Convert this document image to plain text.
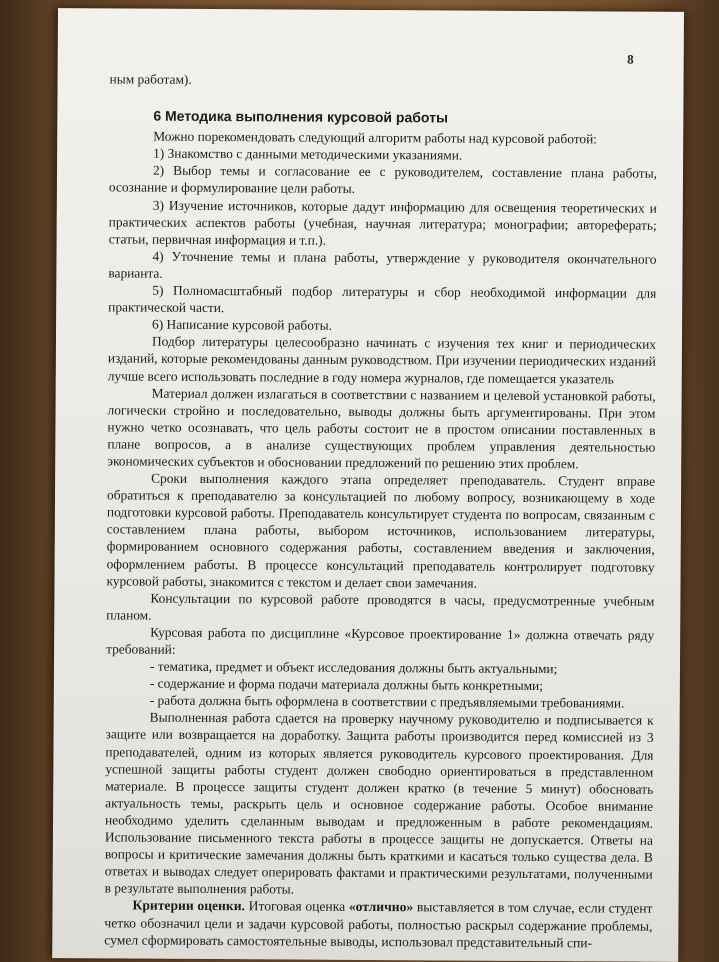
8

ным работам).

6 Методика выполнения курсовой работы

Можно порекомендовать следующий алгоритм работы над курсовой работой:

1) Знакомство с данными методическими указаниями.

2) Выбор темы и согласование ее с руководителем, составление плана работы, осознание и формулирование цели работы.

3) Изучение источников, которые дадут информацию для освещения теоретических и практических аспектов работы (учебная, научная литература; монографии; автореферать; статьи, первичная информация и т.п.).

4) Уточнение темы и плана работы, утверждение у руководителя окончательного варианта.

5) Полномасштабный подбор литературы и сбор необходимой информации для практической части.

6) Написание курсовой работы.

Подбор литературы целесообразно начинать с изучения тех книг и периодических изданий, которые рекомендованы данным руководством. При изучении периодических изданий лучше всего использовать последние в году номера журналов, где помещается указатель

Материал должен излагаться в соответствии с названием и целевой установкой работы, логически стройно и последовательно, выводы должны быть аргументированы. При этом нужно четко осознавать, что цель работы состоит не в простом описании поставленных в плане вопросов, а в анализе существующих проблем управления деятельностью экономических субъектов и обосновании предложений по решению этих проблем.

Сроки выполнения каждого этапа определяет преподаватель. Студент вправе обратиться к преподавателю за консультацией по любому вопросу, возникающему в ходе подготовки курсовой работы. Преподаватель консультирует студента по вопросам, связанным с составлением плана работы, выбором источников, использованием литературы, формированием основного содержания работы, составлением введения и заключения, оформлением работы. В процессе консультаций преподаватель контролирует подготовку курсовой работы, знакомится с текстом и делает свои замечания.

Консультации по курсовой работе проводятся в часы, предусмотренные учебным планом.

Курсовая работа по дисциплине «Курсовое проектирование 1» должна отвечать ряду требований:

- тематика, предмет и объект исследования должны быть актуальными;

- содержание и форма подачи материала должны быть конкретными;

- работа должна быть оформлена в соответствии с предъявляемыми требованиями.

Выполненная работа сдается на проверку научному руководителю и подписывается к защите или возвращается на доработку. Защита работы производится перед комиссией из 3 преподавателей, одним из которых является руководитель курсового проектирования. Для успешной защиты работы студент должен свободно ориентироваться в представленном материале. В процессе защиты студент должен кратко (в течение 5 минут) обосновать актуальность темы, раскрыть цель и основное содержание работы. Особое внимание необходимо уделить сделанным выводам и предложенным в работе рекомендациям. Использование письменного текста работы в процессе защиты не допускается. Ответы на вопросы и критические замечания должны быть краткими и касаться только существа дела. В ответах и выводах следует оперировать фактами и практическими результатами, полученными в результате выполнения работы.

Критерии оценки. Итоговая оценка «отлично» выставляется в том случае, если студент четко обозначил цели и задачи курсовой работы, полностью раскрыл содержание проблемы, сумел сформировать самостоятельные выводы, использовал представительный спи-
